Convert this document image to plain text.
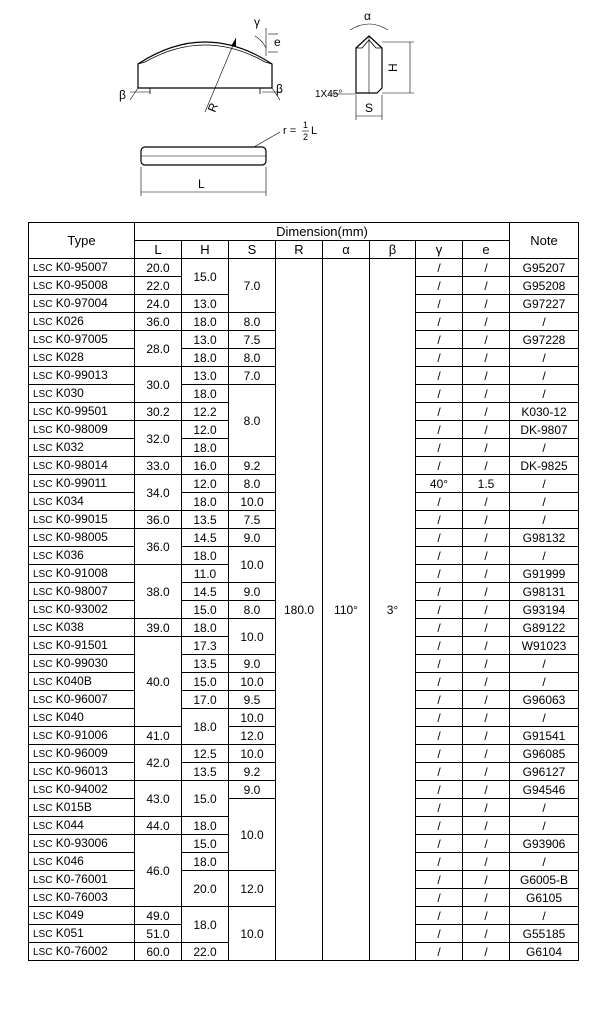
γ
e
β	β
R
α
H
1X45°
S
r = 1
2 L
L
Type	Dimension(mm)								Note
	L	H	S	R	α	β	γ	e	
LSC K0-95007	20.0	15.0	7.0	180.0	110°	3°	/	/	G95207
LSC K0-95008	22.0						/	/	G95208
LSC K0-97004	24.0	13.0					/	/	G97227
LSC K026	36.0	18.0	8.0				/	/	/
LSC K0-97005	28.0	13.0	7.5				/	/	G97228
LSC K028		18.0	8.0				/	/	/
LSC K0-99013	30.0	13.0	7.0				/	/	/
LSC K030		18.0	8.0				/	/	/
LSC K0-99501	30.2	12.2					/	/	K030-12
LSC K0-98009	32.0	12.0					/	/	DK-9807
LSC K032		18.0					/	/	/
LSC K0-98014	33.0	16.0	9.2				/	/	DK-9825
LSC K0-99011	34.0	12.0	8.0				40°	1.5	/
LSC K034		18.0	10.0				/	/	/
LSC K0-99015	36.0	13.5	7.5				/	/	/
LSC K0-98005	36.0	14.5	9.0				/	/	G98132
LSC K036		18.0	10.0				/	/	/
LSC K0-91008	38.0	11.0					/	/	G91999
LSC K0-98007		14.5	9.0				/	/	G98131
LSC K0-93002		15.0	8.0				/	/	G93194
LSC K038	39.0	18.0	10.0				/	/	G89122
LSC K0-91501	40.0	17.3					/	/	W91023
LSC K0-99030		13.5	9.0				/	/	/
LSC K040B		15.0	10.0				/	/	/
LSC K0-96007		17.0	9.5				/	/	G96063
LSC K040		18.0	10.0				/	/	/
LSC K0-91006	41.0		12.0				/	/	G91541
LSC K0-96009	42.0	12.5	10.0				/	/	G96085
LSC K0-96013		13.5	9.2				/	/	G96127
LSC K0-94002	43.0	15.0	9.0				/	/	G94546
LSC K015B			10.0				/	/	/
LSC K044	44.0	18.0					/	/	/
LSC K0-93006	46.0	15.0					/	/	G93906
LSC K046		18.0					/	/	/
LSC K0-76001		20.0	12.0				/	/	G6005-B
LSC K0-76003							/	/	G6105
LSC K049	49.0	18.0	10.0				/	/	/
LSC K051	51.0						/	/	G55185
LSC K0-76002	60.0	22.0					/	/	G6104
